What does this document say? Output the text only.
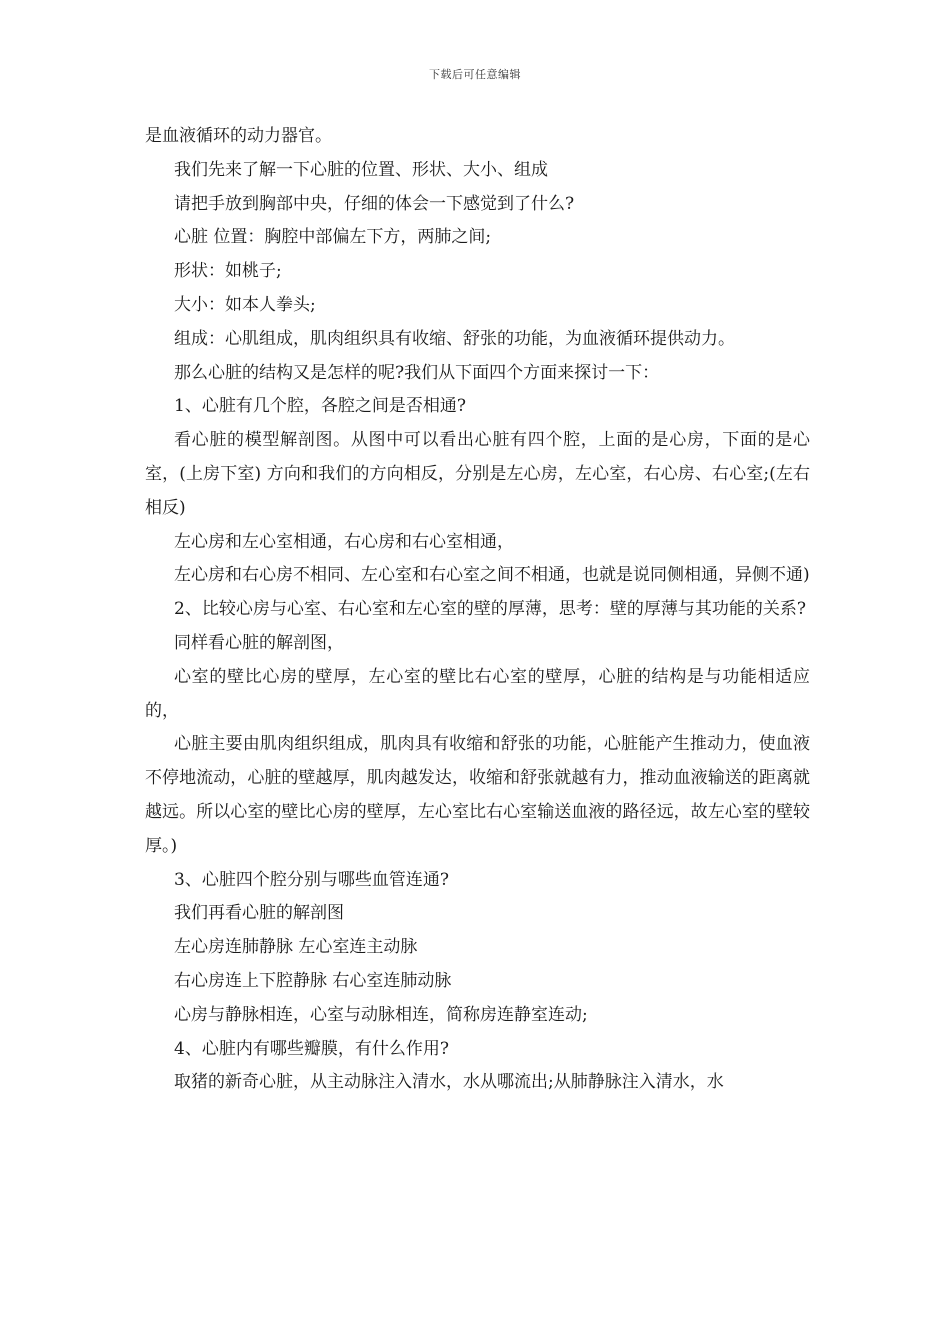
下载后可任意编辑

是血液循环的动力器官。

我们先来了解一下心脏的位置、形状、大小、组成

请把手放到胸部中央，仔细的体会一下感觉到了什么?

心脏 位置：胸腔中部偏左下方，两肺之间;

形状：如桃子;

大小：如本人拳头;

组成：心肌组成，肌肉组织具有收缩、舒张的功能，为血液循环提供动力。

那么心脏的结构又是怎样的呢?我们从下面四个方面来探讨一下：

1、心脏有几个腔，各腔之间是否相通?

看心脏的模型解剖图。从图中可以看出心脏有四个腔，上面的是心房，下面的是心室，(上房下室) 方向和我们的方向相反，分别是左心房，左心室，右心房、右心室;(左右相反)

左心房和左心室相通，右心房和右心室相通，

左心房和右心房不相同、左心室和右心室之间不相通，也就是说同侧相通，异侧不通)

2、比较心房与心室、右心室和左心室的壁的厚薄，思考：壁的厚薄与其功能的关系?

同样看心脏的解剖图，

心室的壁比心房的壁厚，左心室的壁比右心室的壁厚，心脏的结构是与功能相适应的，

心脏主要由肌肉组织组成，肌肉具有收缩和舒张的功能，心脏能产生推动力，使血液不停地流动，心脏的壁越厚，肌肉越发达，收缩和舒张就越有力，推动血液输送的距离就越远。所以心室的壁比心房的壁厚，左心室比右心室输送血液的路径远，故左心室的壁较厚。)

3、心脏四个腔分别与哪些血管连通?

我们再看心脏的解剖图

左心房连肺静脉 左心室连主动脉

右心房连上下腔静脉 右心室连肺动脉

心房与静脉相连，心室与动脉相连，简称房连静室连动;

4、心脏内有哪些瓣膜，有什么作用?

取猪的新奇心脏，从主动脉注入清水，水从哪流出;从肺静脉注入清水，水
